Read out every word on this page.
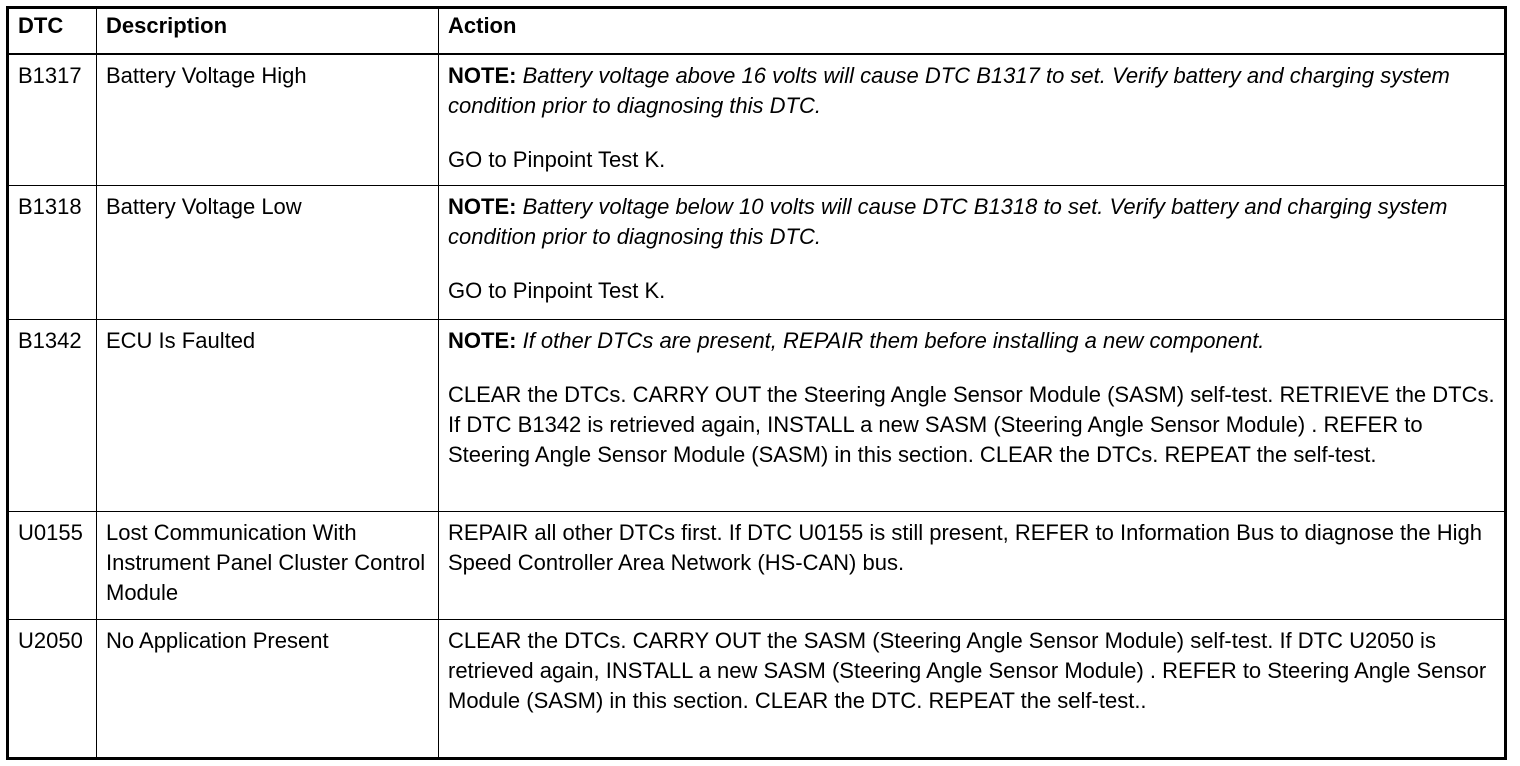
DTC	Description	Action
B1317	Battery Voltage High	NOTE: Battery voltage above 16 volts will cause DTC B1317 to set. Verify battery and charging system condition prior to diagnosing this DTC.

GO to Pinpoint Test K.

B1318	Battery Voltage Low	NOTE: Battery voltage below 10 volts will cause DTC B1318 to set. Verify battery and charging system condition prior to diagnosing this DTC.

GO to Pinpoint Test K.

B1342	ECU Is Faulted	NOTE: If other DTCs are present, REPAIR them before installing a new component.

CLEAR the DTCs. CARRY OUT the Steering Angle Sensor Module (SASM) self-test. RETRIEVE the DTCs. If DTC B1342 is retrieved again, INSTALL a new SASM (Steering Angle Sensor Module) . REFER to Steering Angle Sensor Module (SASM) in this section. CLEAR the DTCs. REPEAT the self-test.

U0155	Lost Communication With Instrument Panel Cluster Control Module	REPAIR all other DTCs first. If DTC U0155 is still present, REFER to Information Bus to diagnose the High Speed Controller Area Network (HS-CAN) bus.

U2050	No Application Present	CLEAR the DTCs. CARRY OUT the SASM (Steering Angle Sensor Module) self-test. If DTC U2050 is retrieved again, INSTALL a new SASM (Steering Angle Sensor Module) . REFER to Steering Angle Sensor Module (SASM) in this section. CLEAR the DTC. REPEAT the self-test..
